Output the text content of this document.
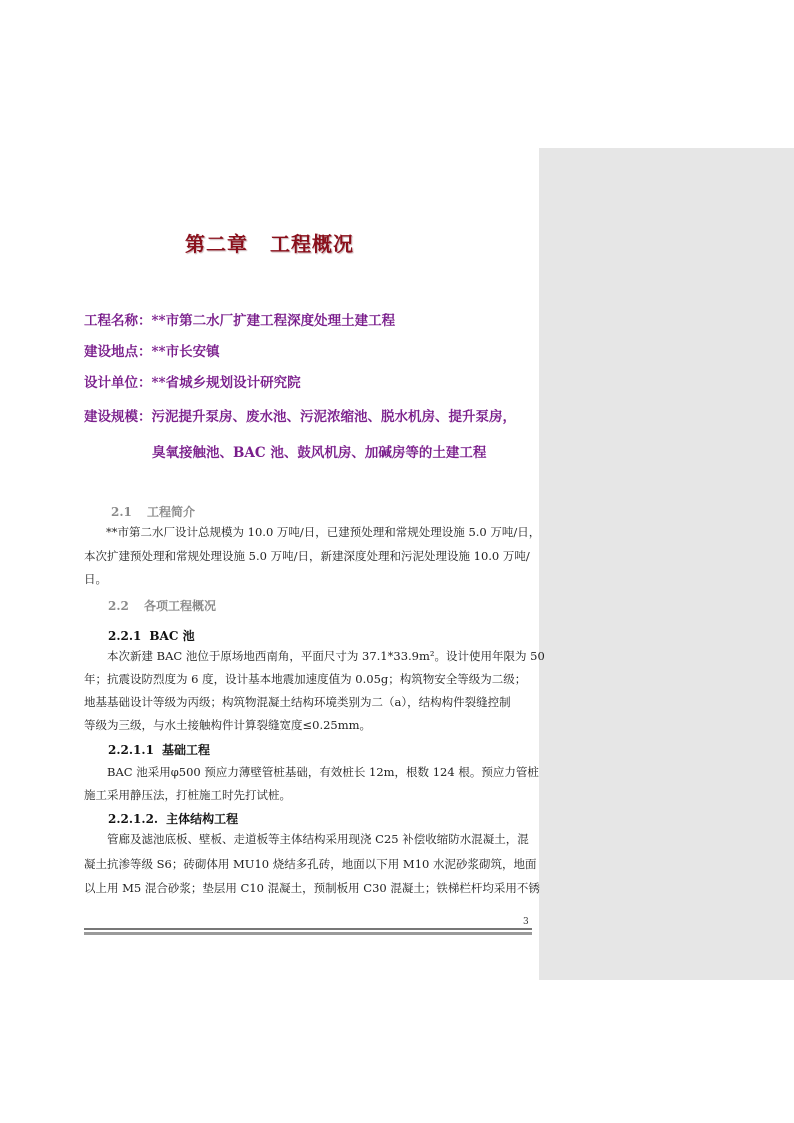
第二章 工程概况
工程名称：**市第二水厂扩建工程深度处理土建工程
建设地点：**市长安镇
设计单位：**省城乡规划设计研究院
建设规模：污泥提升泵房、废水池、污泥浓缩池、脱水机房、提升泵房，
臭氧接触池、BAC 池、鼓风机房、加碱房等的土建工程
2.1 工程简介
**市第二水厂设计总规模为 10.0 万吨/日，已建预处理和常规处理设施 5.0 万吨/日，
本次扩建预处理和常规处理设施 5.0 万吨/日，新建深度处理和污泥处理设施 10.0 万吨/
日。
2.2 各项工程概况
2.2.1 BAC 池
本次新建 BAC 池位于原场地西南角，平面尺寸为 37.1*33.9m²。设计使用年限为 50
年；抗震设防烈度为 6 度，设计基本地震加速度值为 0.05g；构筑物安全等级为二级；
地基基础设计等级为丙级；构筑物混凝土结构环境类别为二（a），结构构件裂缝控制
等级为三级，与水土接触构件计算裂缝宽度≤0.25mm。
2.2.1.1 基础工程
BAC 池采用φ500 预应力薄壁管桩基础，有效桩长 12m，根数 124 根。预应力管桩
施工采用静压法，打桩施工时先打试桩。
2.2.1.2. 主体结构工程
管廊及滤池底板、壁板、走道板等主体结构采用现浇 C25 补偿收缩防水混凝土，混
凝土抗渗等级 S6；砖砌体用 MU10 烧结多孔砖，地面以下用 M10 水泥砂浆砌筑，地面
以上用 M5 混合砂浆；垫层用 C10 混凝土，预制板用 C30 混凝土；铁梯栏杆均采用不锈
3
